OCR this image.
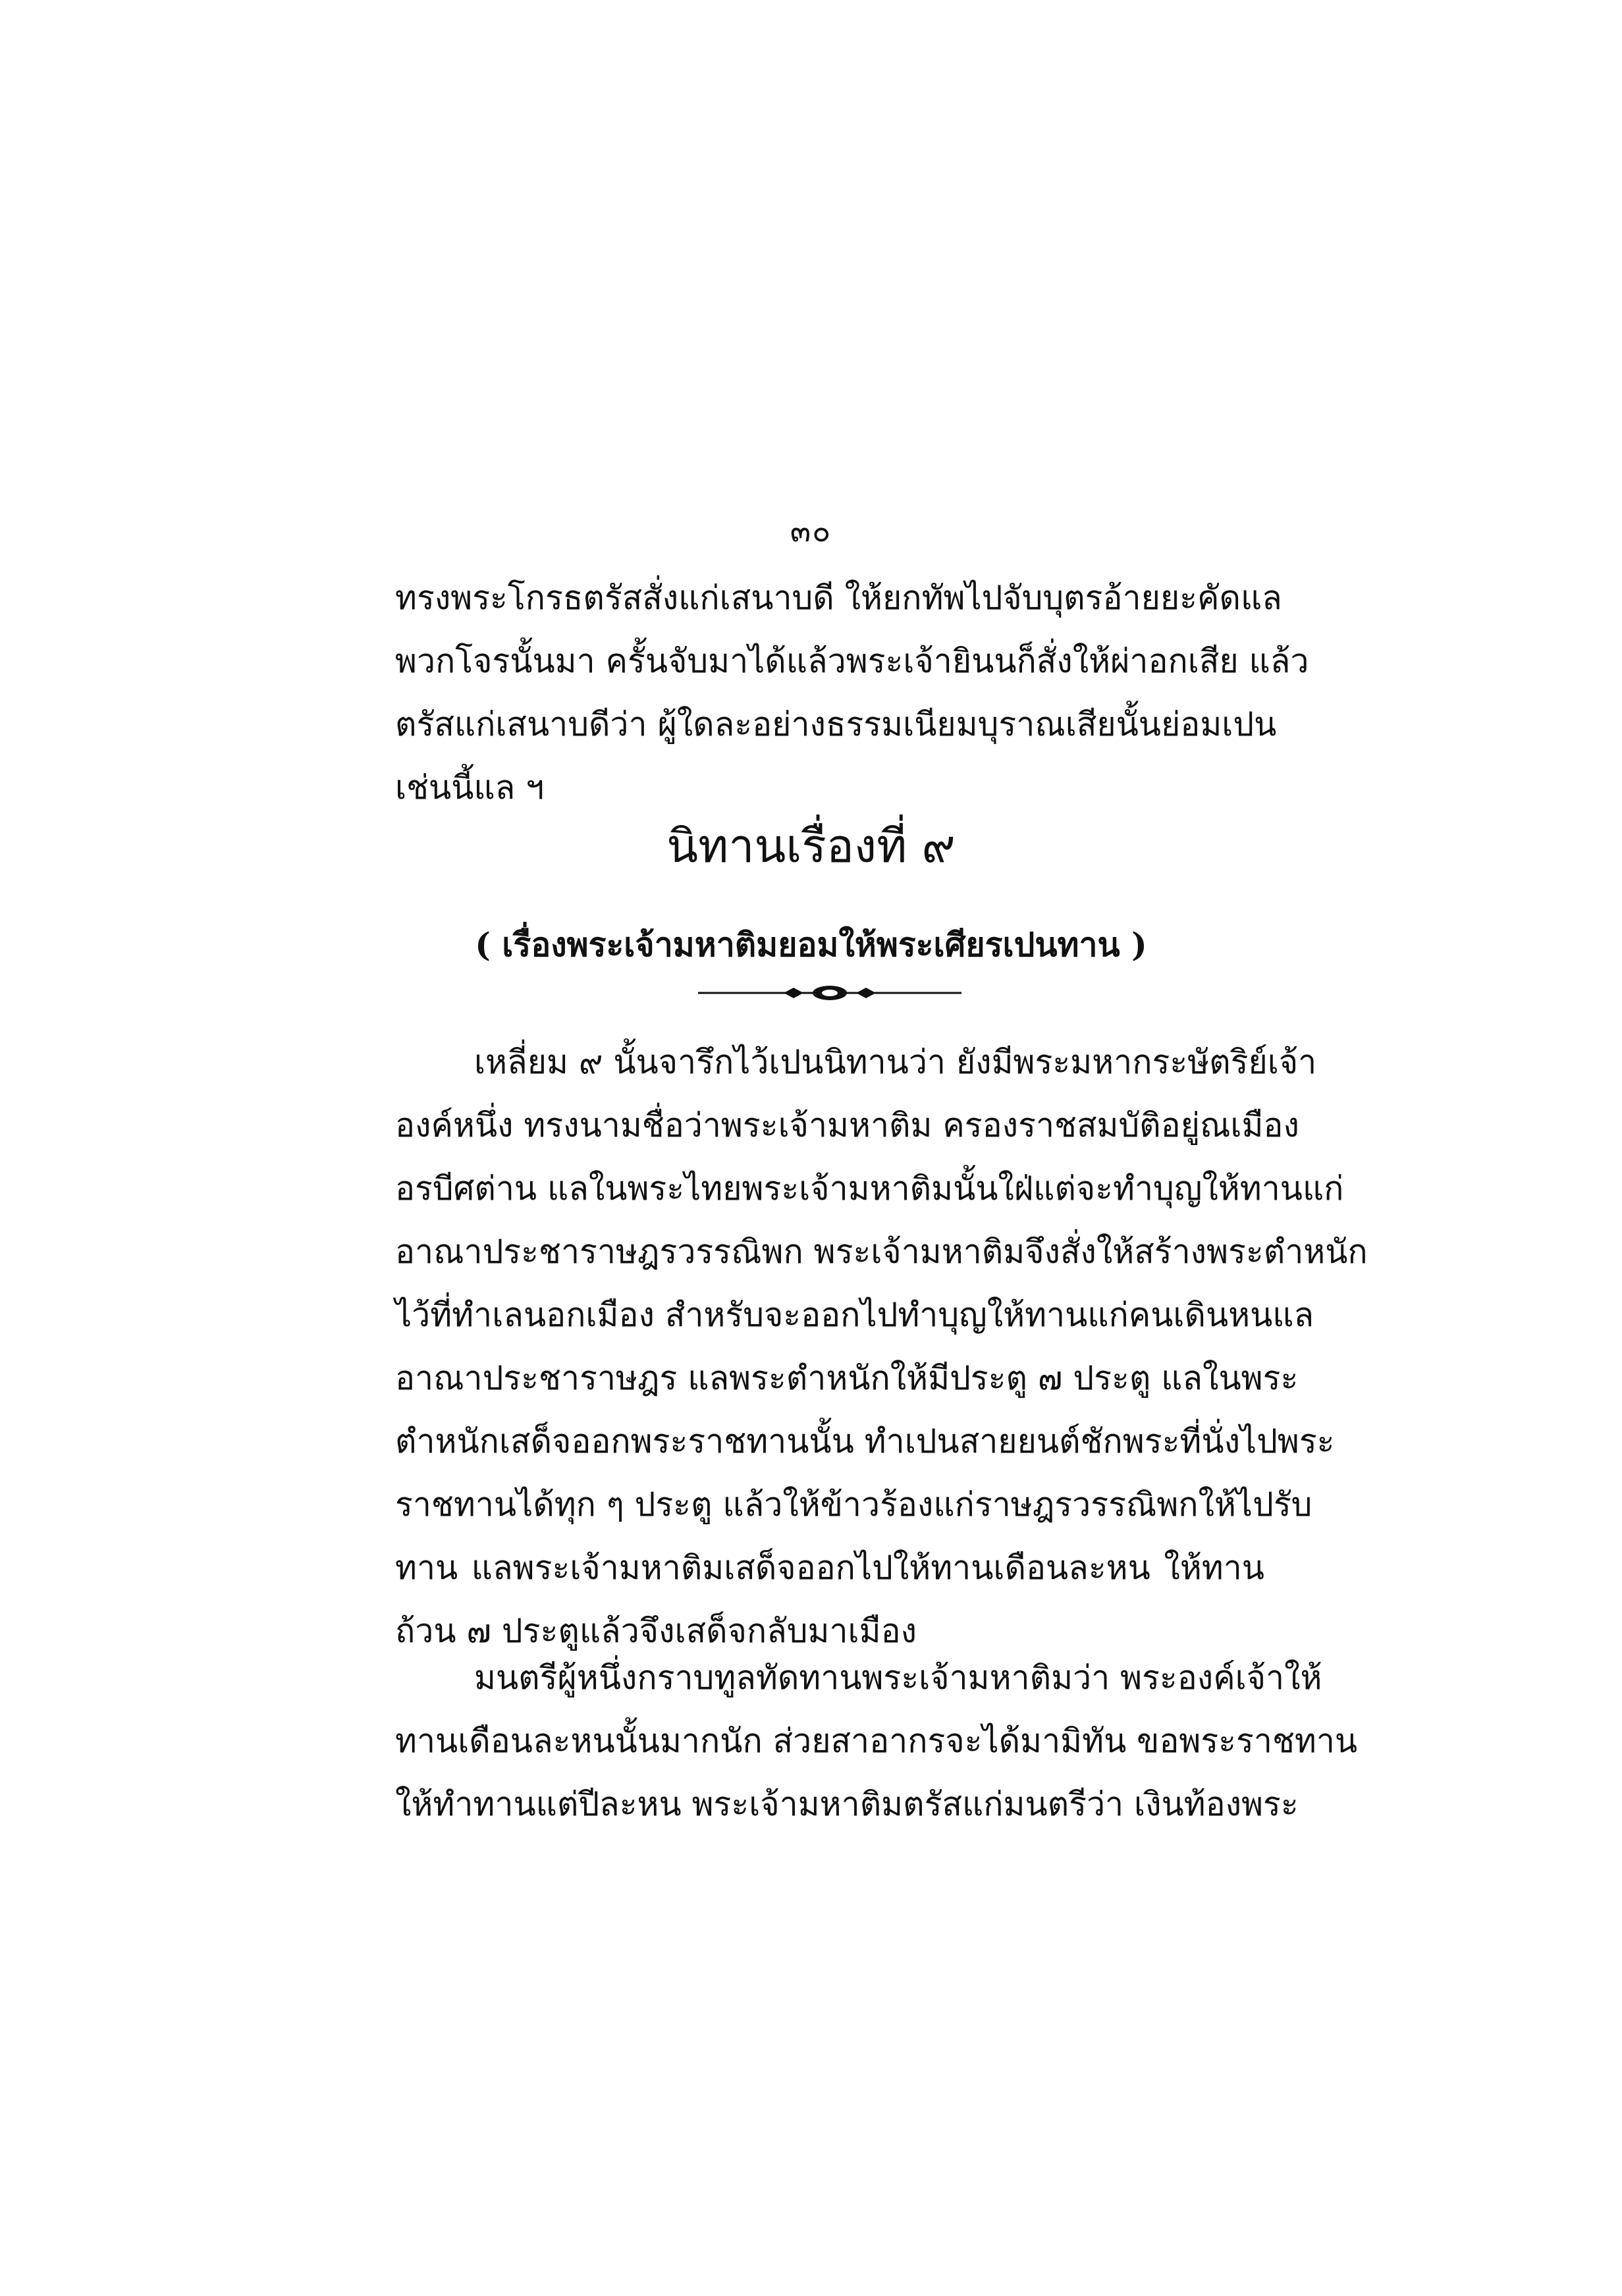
๓๐
ทรงพระโกรธตรัสสั่งแก่เสนาบดี ให้ยกทัพไปจับบุตรอ้ายยะคัดแล
พวกโจรนั้นมา ครั้นจับมาได้แล้วพระเจ้ายินนก็สั่งให้ผ่าอกเสีย แล้ว
ตรัสแก่เสนาบดีว่า ผู้ใดละอย่างธรรมเนียมบุราณเสียนั้นย่อมเปน
เช่นนี้แล ฯ
นิทานเรื่องที่ ๙
( เรื่องพระเจ้ามหาติมยอมให้พระเศียรเปนทาน )
เหลี่ยม ๙ นั้นจารึกไว้เปนนิทานว่า ยังมีพระมหากระษัตริย์เจ้า
องค์หนึ่ง ทรงนามชื่อว่าพระเจ้ามหาติม ครองราชสมบัติอยู่ณเมือง
อรบีศต่าน แลในพระไทยพระเจ้ามหาติมนั้นใฝ่แต่จะทำบุญให้ทานแก่
อาณาประชาราษฎรวรรณิพก พระเจ้ามหาติมจึงสั่งให้สร้างพระตำหนัก
ไว้ที่ทำเลนอกเมือง สำหรับจะออกไปทำบุญให้ทานแก่คนเดินหนแล
อาณาประชาราษฎร แลพระตำหนักให้มีประตู ๗ ประตู แลในพระ
ตำหนักเสด็จออกพระราชทานนั้น ทำเปนสายยนต์ชักพระที่นั่งไปพระ
ราชทานได้ทุก ๆ ประตู แล้วให้ข้าวร้องแก่ราษฎรวรรณิพกให้ไปรับ
ทาน แลพระเจ้ามหาติมเสด็จออกไปให้ทานเดือนละหน ให้ทาน
ถ้วน ๗ ประตูแล้วจึงเสด็จกลับมาเมือง
มนตรีผู้หนึ่งกราบทูลทัดทานพระเจ้ามหาติมว่า พระองค์เจ้าให้
ทานเดือนละหนนั้นมากนัก ส่วยสาอากรจะได้มามิทัน ขอพระราชทาน
ให้ทำทานแต่ปีละหน พระเจ้ามหาติมตรัสแก่มนตรีว่า เงินท้องพระ
